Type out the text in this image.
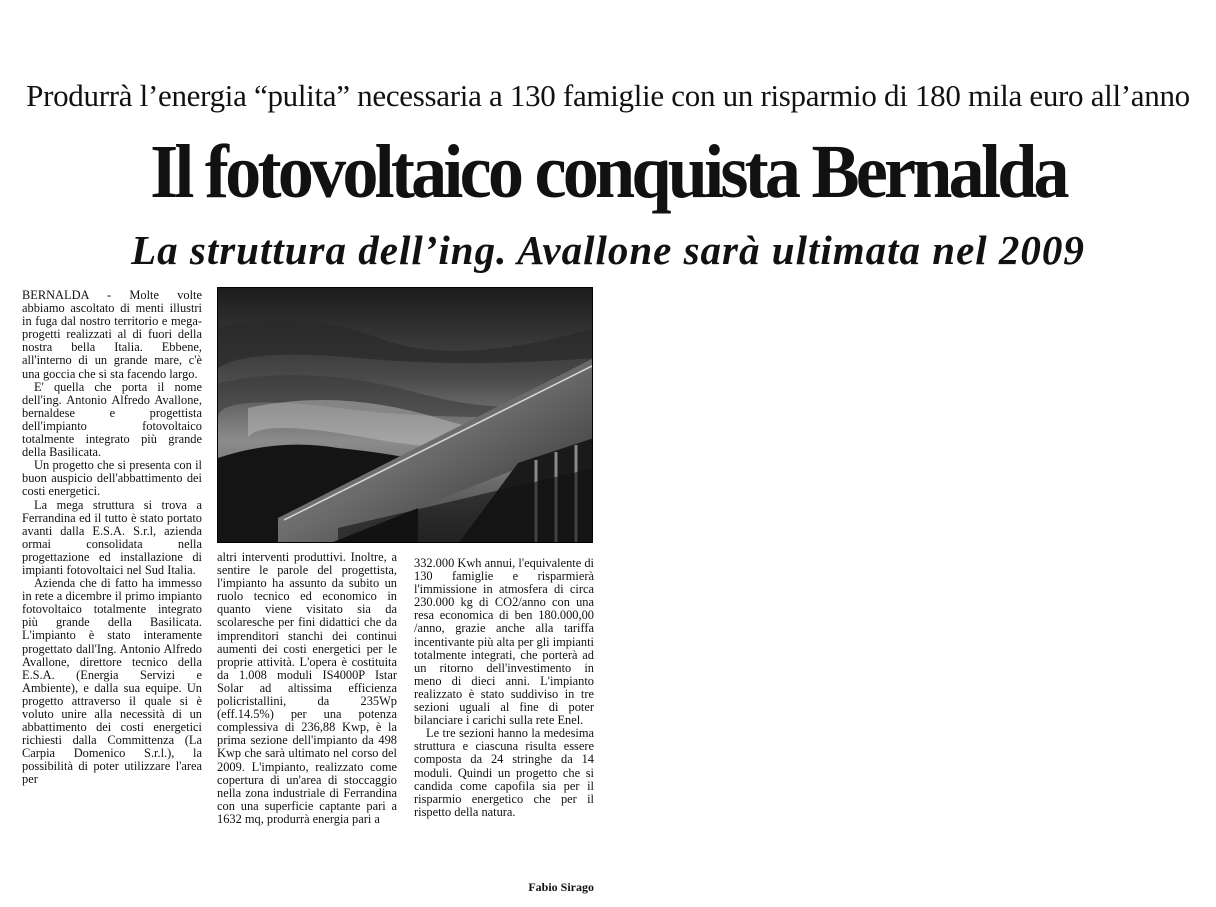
Produrrà l’energia “pulita” necessaria a 130 famiglie con un risparmio di 180 mila euro all’anno
Il fotovoltaico conquista Bernalda
La struttura dell’ing. Avallone sarà ultimata nel 2009

BERNALDA - Molte volte abbiamo ascoltato di menti illustri in fuga dal nostro territorio e mega-progetti realizzati al di fuori della nostra bella Italia. Ebbene, all'interno di un grande mare, c'è una goccia che si sta facendo largo.

E' quella che porta il nome dell'ing. Antonio Alfredo Avallone, bernaldese e progettista dell'impianto fotovoltaico totalmente integrato più grande della Basilicata.

Un progetto che si presenta con il buon auspicio dell'abbattimento dei costi energetici.

La mega struttura si trova a Ferrandina ed il tutto è stato portato avanti dalla E.S.A. S.r.l, azienda ormai consolidata nella progettazione ed installazione di impianti fotovoltaici nel Sud Italia.

Azienda che di fatto ha immesso in rete a dicembre il primo impianto fotovoltaico totalmente integrato più grande della Basilicata. L'impianto è stato interamente progettato dall'Ing. Antonio Alfredo Avallone, direttore tecnico della E.S.A. (Energia Servizi e Ambiente), e dalla sua equipe. Un progetto attraverso il quale si è voluto unire alla necessità di un abbattimento dei costi energetici richiesti dalla Committenza (La Carpia Domenico S.r.l.), la possibilità di poter utilizzare l'area per

altri interventi produttivi. Inoltre, a sentire le parole del progettista, l'impianto ha assunto da subito un ruolo tecnico ed economico in quanto viene visitato sia da scolaresche per fini didattici che da imprenditori stanchi dei continui aumenti dei costi energetici per le proprie attività. L'opera è costituita da 1.008 moduli IS4000P Istar Solar ad altissima efficienza policristallini, da 235Wp (eff.14.5%) per una potenza complessiva di 236,88 Kwp, è la prima sezione dell'impianto da 498 Kwp che sarà ultimato nel corso del 2009. L'impianto, realizzato come copertura di un'area di stoccaggio nella zona industriale di Ferrandina con una superficie captante pari a 1632 mq, produrrà energia pari a

332.000 Kwh annui, l'equivalente di 130 famiglie e risparmierà l'immissione in atmosfera di circa 230.000 kg di CO2/anno con una resa economica di ben 180.000,00 /anno, grazie anche alla tariffa incentivante più alta per gli impianti totalmente integrati, che porterà ad un ritorno dell'investimento in meno di dieci anni. L'impianto realizzato è stato suddiviso in tre sezioni uguali al fine di poter bilanciare i carichi sulla rete Enel.

Le tre sezioni hanno la medesima struttura e ciascuna risulta essere composta da 24 stringhe da 14 moduli. Quindi un progetto che si candida come capofila sia per il risparmio energetico che per il rispetto della natura.

Fabio Sirago
